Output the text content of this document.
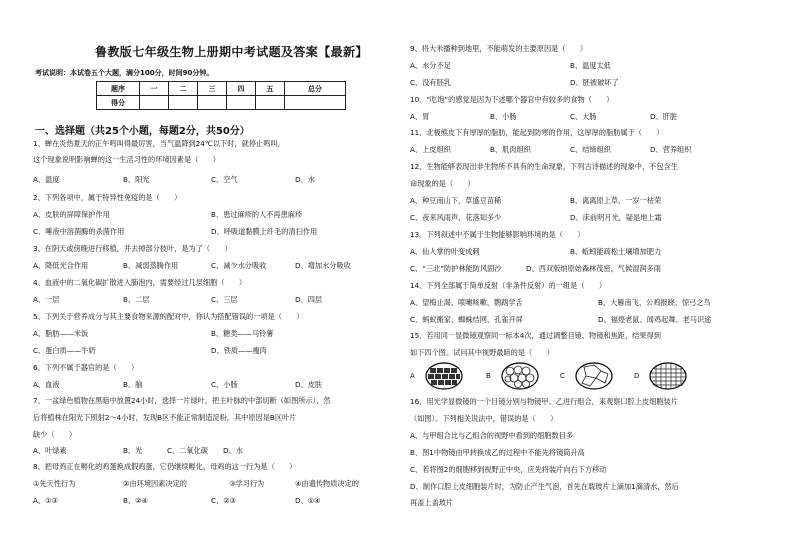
鲁教版七年级生物上册期中考试题及答案【最新】
考试说明：本试卷五个大题，满分100分，时间90分钟。
题序	一	二	三	四	五	总分
得分						
一、选择题（共25个小题，每题2分，共50分）
1、蝉在炎热夏天的正午鸣叫得最厉害，当气温降到24℃以下时，就停止鸣叫，
这个现象说明影响蝉的这一生活习性的环境因素是（　　）
A、温度	B、阳光	C、空气	D、水
2、下列各项中，属于特异性免疫的是（　　）
A、皮肤的屏障保护作用	B、患过麻疹的人不再患麻疹
C、唾液中溶菌酶的杀菌作用	D、呼吸道黏膜上纤毛的清扫作用
3、在阴天或傍晚进行移植，并去掉部分枝叶，是为了（　　）
A、降低光合作用	B、减弱蒸腾作用	C、减少水分吸收	D、增加水分吸收
4、血液中的二氧化碳扩散进入肺泡内，需要经过几层细胞（　　）
A、一层	B、二层	C、三层	D、四层
5、下列关于营养成分与其主要食物来源的配对中，你认为搭配错误的一项是（　　）
A、脂肪——米饭	B、糖类——马铃薯
C、蛋白质——牛奶	D、铁质——瘦肉
6、下列不属于器官的是（　　）
A、血液	B、脑	C、小肠	D、皮肤
7、一盆绿色植物在黑暗中放置24小时，选择一片绿叶，把主叶脉的中部切断（如图所示），然
后将植株在阳光下照射2～4小时，发现B区不能正常制造淀粉，其中原因是B区叶片
缺少（　　）
A、叶绿素	B、光	C、二氧化碳 D、水
8、把母鸡正在孵化的鸡蛋换成假鸡蛋，它仍继续孵化，母鸡的这一行为是（　　）
①先天性行为	②由环境因素决定的	③学习行为	④由遗传物质决定的
A、①③	B、②④	C、②③	D、①④
9、将大米播种到地里，不能萌发的主要原因是（　　）
A、水分不足	B、温度太低
C、没有胚乳	D、胚被破坏了
10、“吃饱”的感觉是因为下述哪个器官中有较多的食物（　　）
A、胃	B、小肠	C、大肠	D、肝脏
11、北极熊皮下有厚厚的脂肪，能起到防寒的作用，这厚厚的脂肪属于（　　）
A、上皮组织	B、肌肉组织	C、结缔组织	D、营养组织
12、生物能够表现出非生物所不具有的生命现象，下列古诗描述的现象中，不包含生
命现象的是（　　）
A、种豆南山下，草盛豆苗稀	B、离离原上草，一岁一枯荣
C、夜来风雨声，花落知多少	D、床前明月光，疑是地上霜
13、下列叙述中不属于生物能够影响环境的是（　　）
A、仙人掌的叶变成刺	B、蚯蚓能疏松土壤增加肥力
C、“三北”防护林能防风固沙	D、西双版纳原始森林茂密，气候湿润多雨
14、下列全部属于简单反射（非条件反射）的一组是（　　）
A、望梅止渴、喷嚏咳嗽、鹦鹉学舌	B、大雁南飞、公鸡报晓、惊弓之鸟
C、蚂蚁搬家、蜘蛛结网、孔雀开屏	D、福煌老鼠、闻鸡起舞、老马识途
15、若用同一显微镜观察同一标本4次，通过调整目镜、物镜和焦距，结果得到
如下四个图。试问其中视野最暗的是（　　）
A	B	C	D
16、用光学显微镜的一个目镜分别与物镜甲、乙进行组合，来观察口腔上皮细胞装片
（如图）。下列相关说法中，错误的是（　　）
A、与甲组合比与乙组合的视野中看到的细胞数目多
B、图1中物镜由甲转换成乙的过程中不能先将镜筒升高
C、若将图2的细胞移到视野正中央，应先将装片向右下方移动
D、制作口腔上皮细胞装片时，为防止产生气泡，首先在载玻片上滴加1滴清水，然后
再盖上盖玻片
